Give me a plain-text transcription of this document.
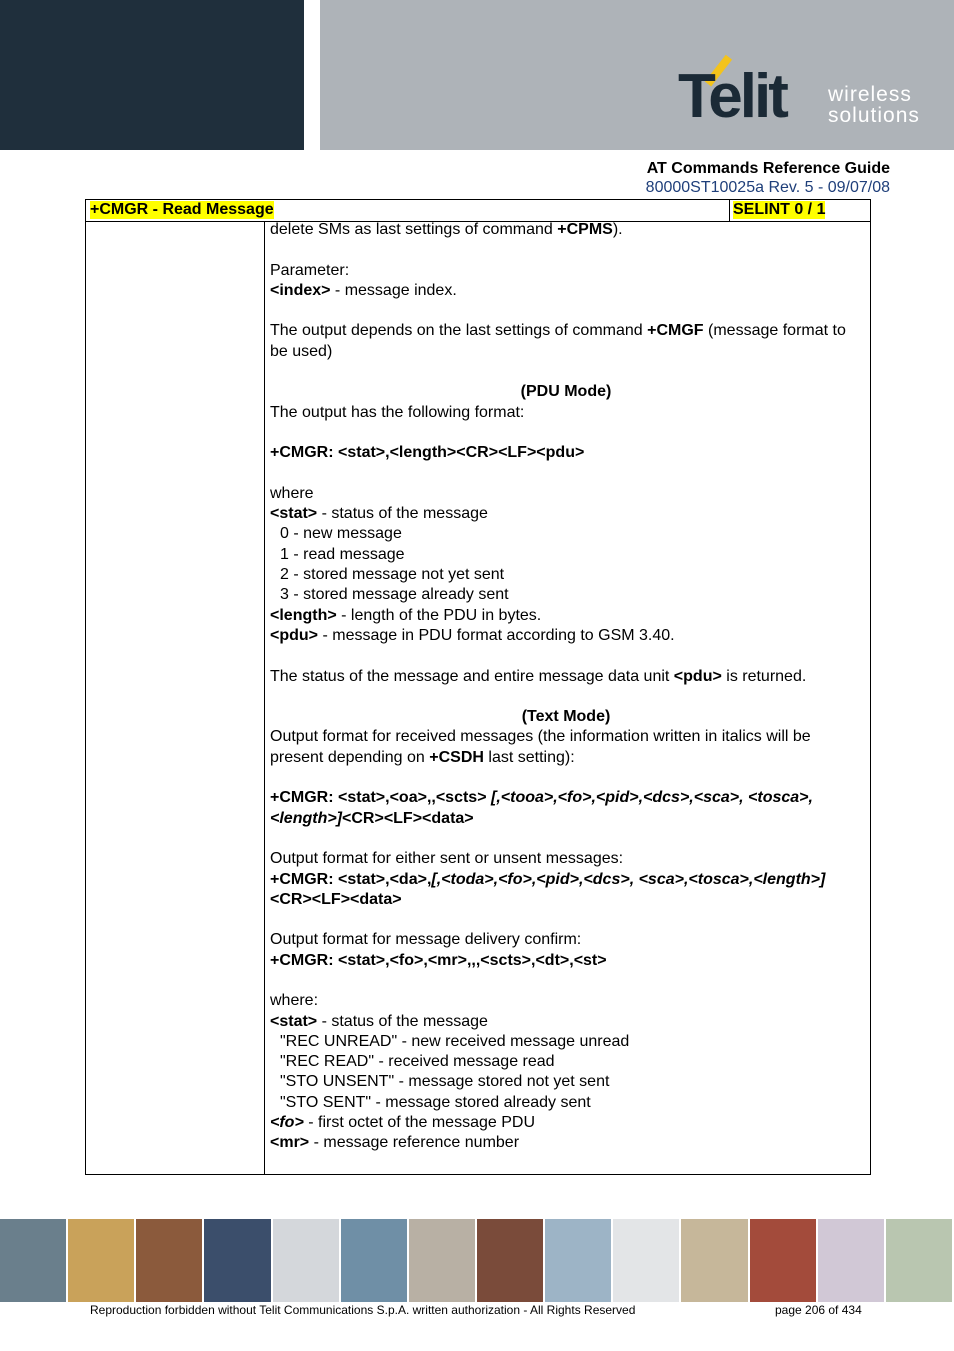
Telit wireless
solutions
AT Commands Reference Guide
80000ST10025a Rev. 5 - 09/07/08
+CMGR - Read Message	SELINT 0 / 1

delete SMs as last settings of command +CPMS).

Parameter:

<index> - message index.

The output depends on the last settings of command +CMGF (message format to be used)

(PDU Mode)

The output has the following format:

+CMGR: <stat>,<length><CR><LF><pdu>

where

<stat> - status of the message

0 - new message

1 - read message

2 - stored message not yet sent

3 - stored message already sent

<length> - length of the PDU in bytes.

<pdu> - message in PDU format according to GSM 3.40.

The status of the message and entire message data unit <pdu> is returned.

(Text Mode)

Output format for received messages (the information written in italics will be present depending on +CSDH last setting):

+CMGR: <stat>,<oa>,,<scts> [,<tooa>,<fo>,<pid>,<dcs>,<sca>, <tosca>,<length>]<CR><LF><data>

Output format for either sent or unsent messages:

+CMGR: <stat>,<da>,[,<toda>,<fo>,<pid>,<dcs>, <sca>,<tosca>,<length>]<CR><LF><data>

Output format for message delivery confirm:

+CMGR: <stat>,<fo>,<mr>,,,<scts>,<dt>,<st>

where:

<stat> - status of the message

"REC UNREAD" - new received message unread

"REC READ" - received message read

"STO UNSENT" - message stored not yet sent

"STO SENT" - message stored already sent

<fo> - first octet of the message PDU

<mr> - message reference number

Reproduction forbidden without Telit Communications S.p.A. written authorization - All Rights Reserved	page 206 of 434
